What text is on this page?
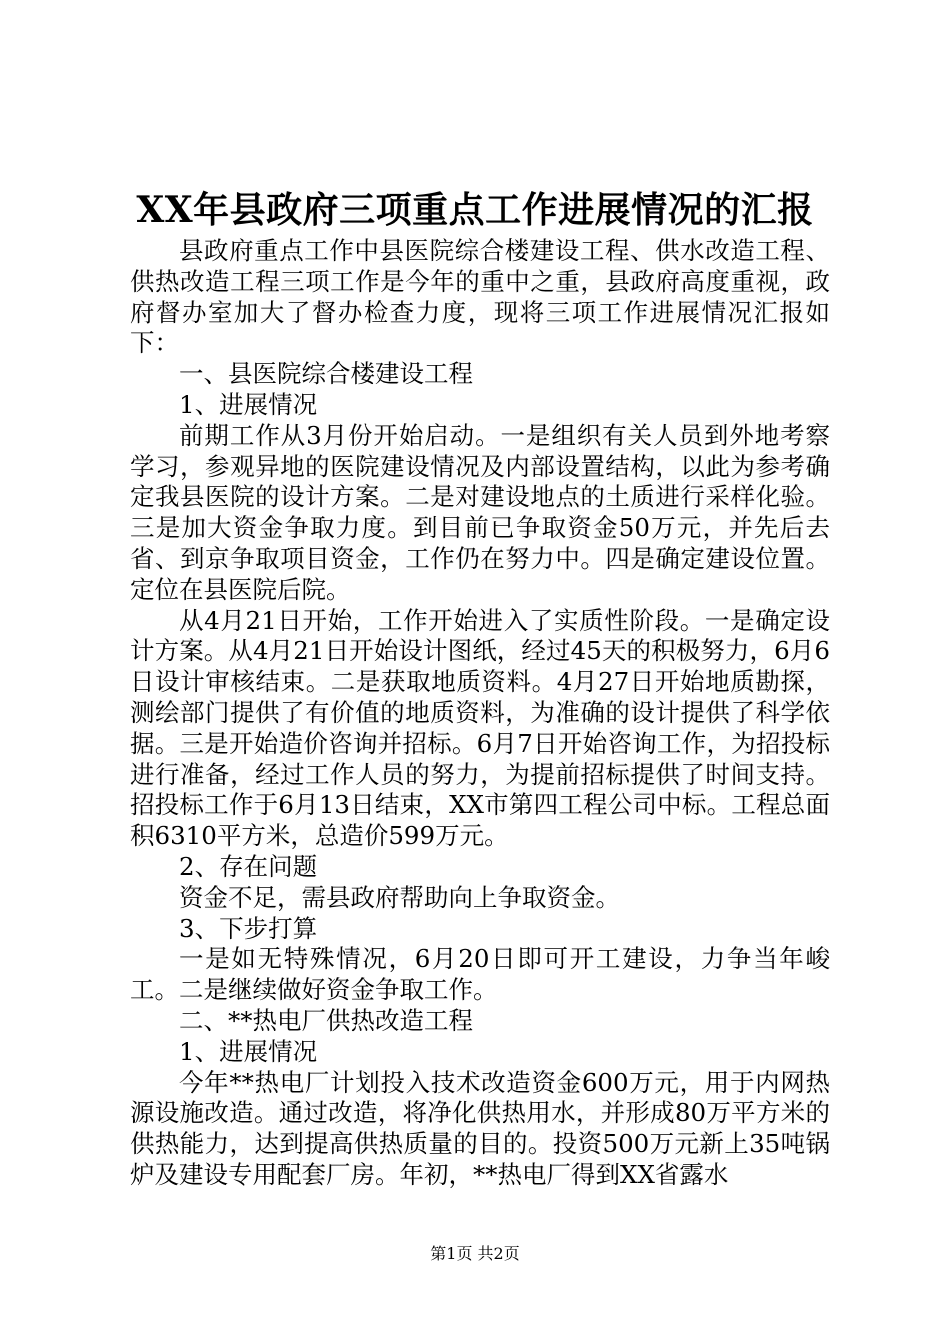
XX年县政府三项重点工作进展情况的汇报

县政府重点工作中县医院综合楼建设工程、供水改造工程、供热改造工程三项工作是今年的重中之重，县政府高度重视，政府督办室加大了督办检查力度，现将三项工作进展情况汇报如下：

一、县医院综合楼建设工程

1、进展情况

前期工作从3月份开始启动。一是组织有关人员到外地考察学习，参观异地的医院建设情况及内部设置结构，以此为参考确定我县医院的设计方案。二是对建设地点的土质进行采样化验。三是加大资金争取力度。到目前已争取资金50万元，并先后去省、到京争取项目资金，工作仍在努力中。四是确定建设位置。定位在县医院后院。

从4月21日开始，工作开始进入了实质性阶段。一是确定设计方案。从4月21日开始设计图纸，经过45天的积极努力，6月6日设计审核结束。二是获取地质资料。4月27日开始地质勘探，测绘部门提供了有价值的地质资料，为准确的设计提供了科学依据。三是开始造价咨询并招标。6月7日开始咨询工作，为招投标进行准备，经过工作人员的努力，为提前招标提供了时间支持。招投标工作于6月13日结束，XX市第四工程公司中标。工程总面积6310平方米，总造价599万元。

2、存在问题

资金不足，需县政府帮助向上争取资金。

3、下步打算

一是如无特殊情况，6月20日即可开工建设，力争当年峻工。二是继续做好资金争取工作。

二、**热电厂供热改造工程

1、进展情况

今年**热电厂计划投入技术改造资金600万元，用于内网热源设施改造。通过改造，将净化供热用水，并形成80万平方米的供热能力，达到提高供热质量的目的。投资500万元新上35吨锅炉及建设专用配套厂房。年初，**热电厂得到XX省露水

第1页 共2页
